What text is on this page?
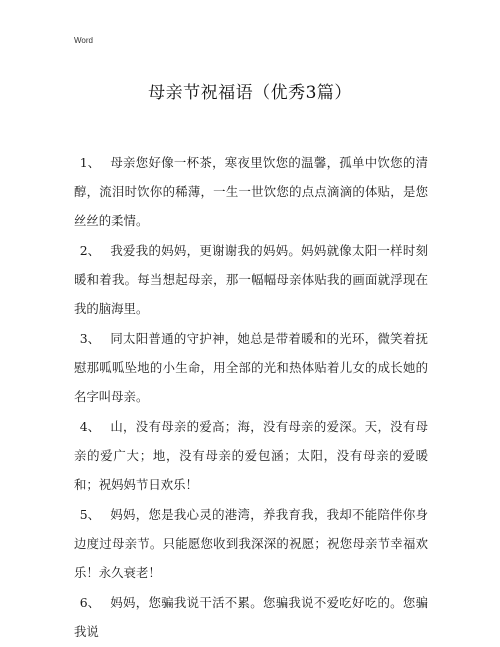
Word
母亲节祝福语（优秀3篇）

1、 母亲您好像一杯茶，寒夜里饮您的温馨，孤单中饮您的清醇，流泪时饮你的稀薄，一生一世饮您的点点滴滴的体贴，是您丝丝的柔情。

2、 我爱我的妈妈，更谢谢我的妈妈。妈妈就像太阳一样时刻暖和着我。每当想起母亲，那一幅幅母亲体贴我的画面就浮现在我的脑海里。

3、 同太阳普通的守护神，她总是带着暖和的光环，微笑着抚慰那呱呱坠地的小生命，用全部的光和热体贴着儿女的成长她的名字叫母亲。

4、 山，没有母亲的爱高；海，没有母亲的爱深。天，没有母亲的爱广大；地，没有母亲的爱包涵；太阳，没有母亲的爱暖和；祝妈妈节日欢乐！

5、 妈妈，您是我心灵的港湾，养我育我，我却不能陪伴你身边度过母亲节。只能愿您收到我深深的祝愿；祝您母亲节幸福欢乐！永久衰老！

6、 妈妈，您骗我说干活不累。您骗我说不爱吃好吃的。您骗我说
